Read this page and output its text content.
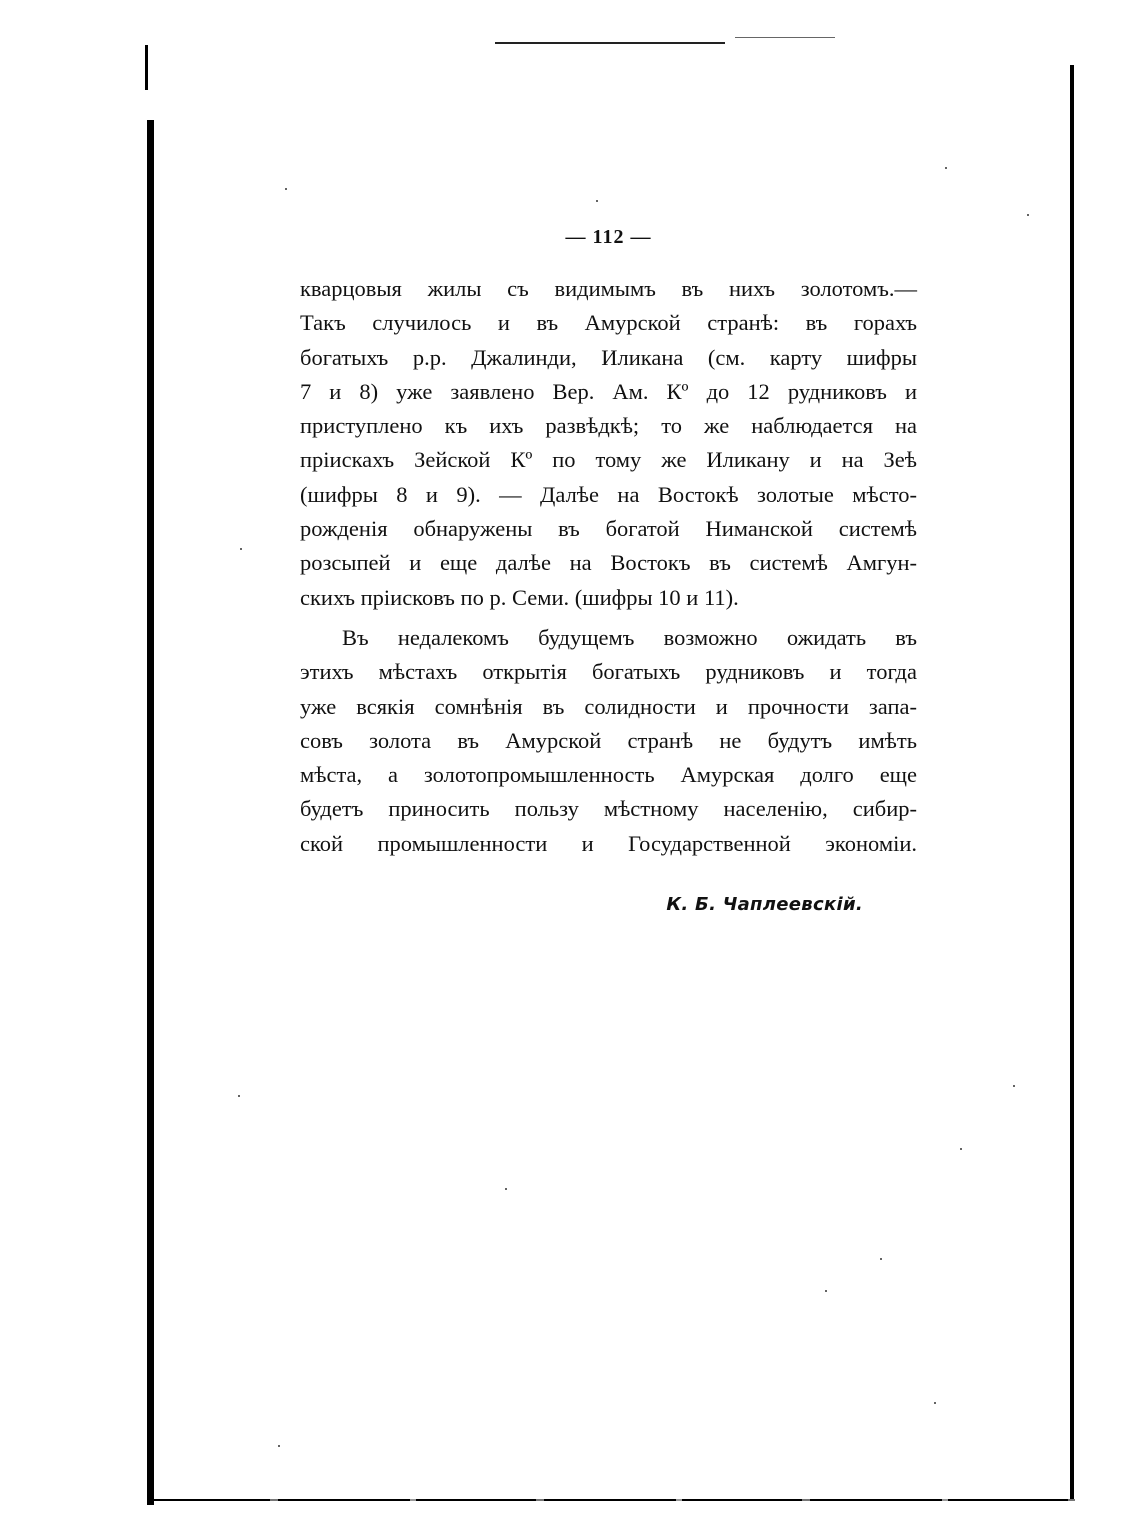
— 112 —
кварцовыя жилы съ видимымъ въ нихъ золотомъ.—
Такъ случилось и въ Амурской странѣ: въ горахъ
богатыхъ р.р. Джалинди, Иликана (см. карту шифры
7 и 8) уже заявлено Вер. Ам. Кº до 12 рудниковъ и
приступлено къ ихъ развѣдкѣ; то же наблюдается на
прiискахъ Зейской Кº по тому же Иликану и на Зеѣ
(шифры 8 и 9). — Далѣе на Востокѣ золотые мѣсто-
рожденiя обнаружены въ богатой Ниманской системѣ
розсыпей и еще далѣе на Востокъ въ системѣ Амгун-
скихъ прiисковъ по р. Семи. (шифры 10 и 11).
Въ недалекомъ будущемъ возможно ожидать въ
этихъ мѣстахъ открытiя богатыхъ рудниковъ и тогда
уже всякiя сомнѣнiя въ солидности и прочности запа-
совъ золота въ Амурской странѣ не будутъ имѣть
мѣста, а золотопромышленность Амурская долго еще
будетъ приносить пользу мѣстному населенiю, сибир-
ской промышленности и Государственной экономiи.
К. Б. Чаплеевскiй.
